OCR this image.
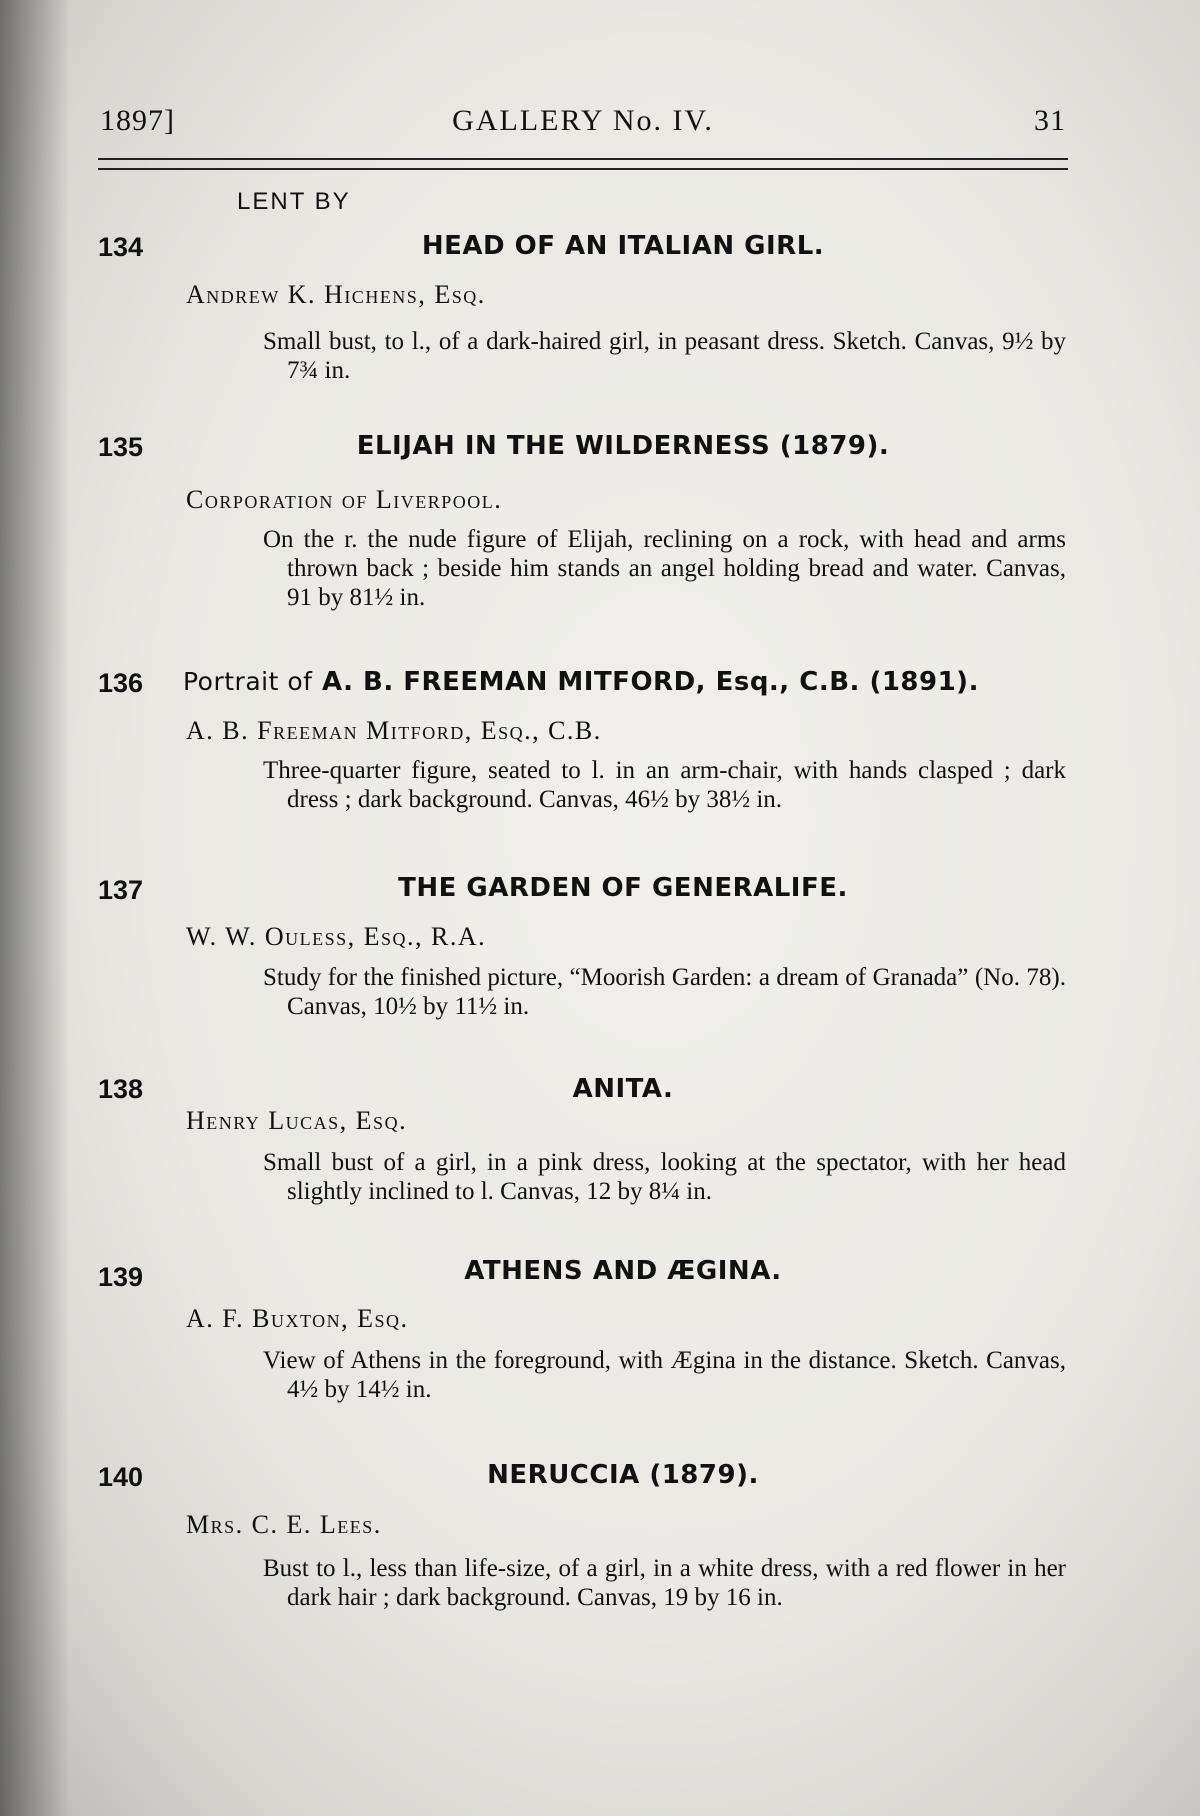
1897]	GALLERY No. IV.	31
LENT BY
134	HEAD OF AN ITALIAN GIRL.
Andrew K. Hichens, Esq.
Small bust, to l., of a dark-haired girl, in peasant dress. Sketch. Canvas, 9½ by 7¾ in.
135	ELIJAH IN THE WILDERNESS (1879).
Corporation of Liverpool.
On the r. the nude figure of Elijah, reclining on a rock, with head and arms thrown back ; beside him stands an angel holding bread and water. Canvas, 91 by 81½ in.
136 Portrait of A. B. FREEMAN MITFORD, Esq., C.B. (1891).
A. B. Freeman Mitford, Esq., C.B.
Three-quarter figure, seated to l. in an arm-chair, with hands clasped ; dark dress ; dark background. Canvas, 46½ by 38½ in.
137	THE GARDEN OF GENERALIFE.
W. W. Ouless, Esq., R.A.
Study for the finished picture, “Moorish Garden: a dream of Granada” (No. 78). Canvas, 10½ by 11½ in.
138	ANITA.
Henry Lucas, Esq.
Small bust of a girl, in a pink dress, looking at the spectator, with her head slightly inclined to l. Canvas, 12 by 8¼ in.
139	ATHENS AND ÆGINA.
A. F. Buxton, Esq.
View of Athens in the foreground, with Ægina in the distance. Sketch. Canvas, 4½ by 14½ in.
140	NERUCCIA (1879).
Mrs. C. E. Lees.
Bust to l., less than life-size, of a girl, in a white dress, with a red flower in her dark hair ; dark background. Canvas, 19 by 16 in.
